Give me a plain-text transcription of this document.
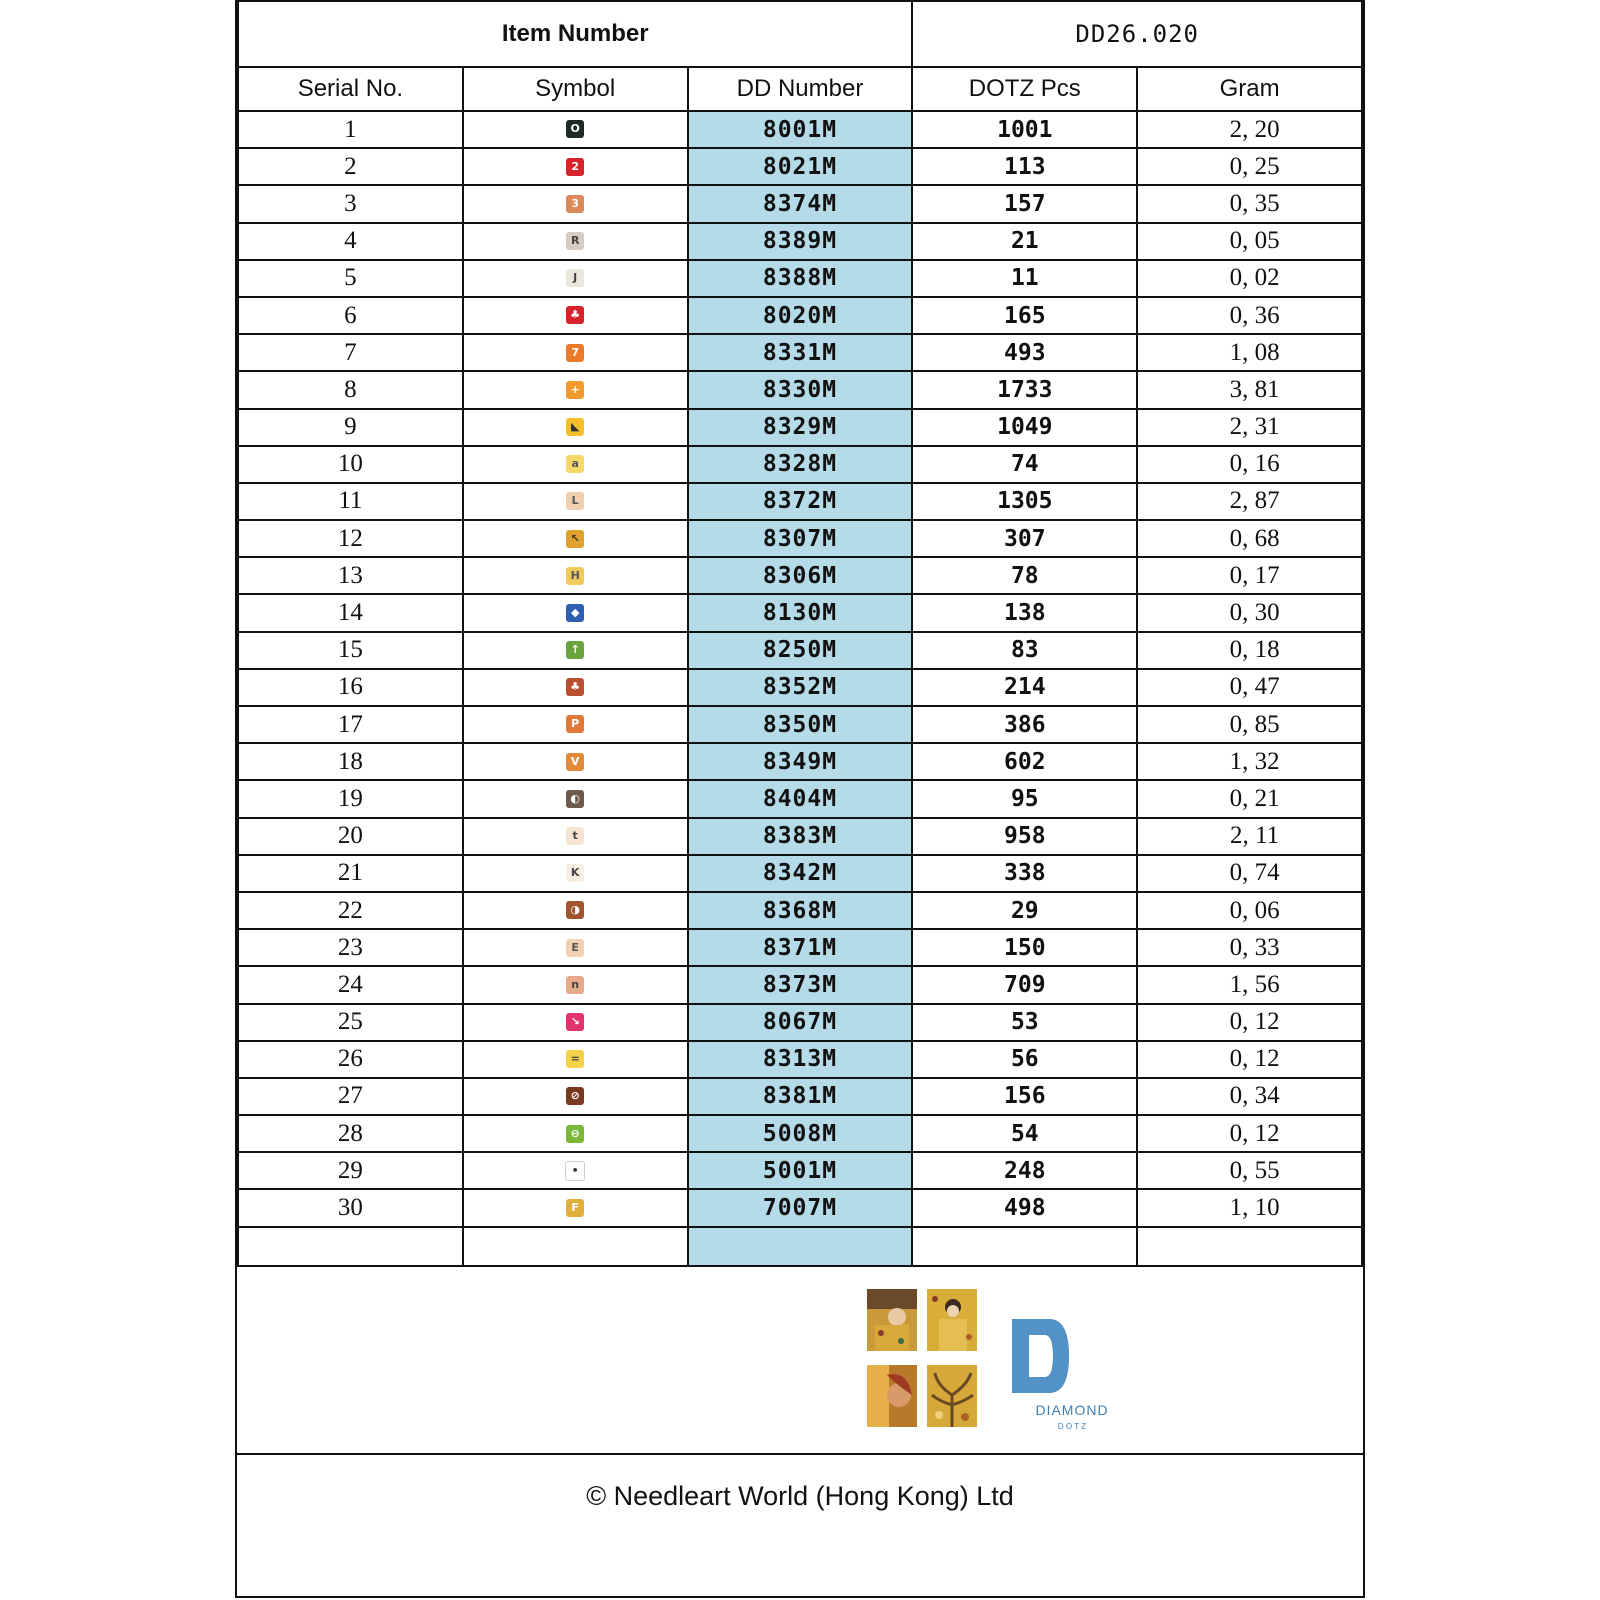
Item Number			DD26.020	
Serial No.	Symbol	DD Number	DOTZ Pcs	Gram
1	O	8001M	1001	2, 20
2	2	8021M	113	0, 25
3	3	8374M	157	0, 35
4	R	8389M	21	0, 05
5	J	8388M	11	0, 02
6	♣	8020M	165	0, 36
7	7	8331M	493	1, 08
8	+	8330M	1733	3, 81
9	◣	8329M	1049	2, 31
10	a	8328M	74	0, 16
11	L	8372M	1305	2, 87
12	↖	8307M	307	0, 68
13	H	8306M	78	0, 17
14	◆	8130M	138	0, 30
15	↑	8250M	83	0, 18
16	♣	8352M	214	0, 47
17	P	8350M	386	0, 85
18	V	8349M	602	1, 32
19	◐	8404M	95	0, 21
20	t	8383M	958	2, 11
21	K	8342M	338	0, 74
22	◑	8368M	29	0, 06
23	E	8371M	150	0, 33
24	n	8373M	709	1, 56
25	↘	8067M	53	0, 12
26	=	8313M	56	0, 12
27	⊘	8381M	156	0, 34
28	⊖	5008M	54	0, 12
29	•	5001M	248	0, 55
30	F	7007M	498	1, 10

DIAMOND
D O T Z
© Needleart World (Hong Kong) Ltd
